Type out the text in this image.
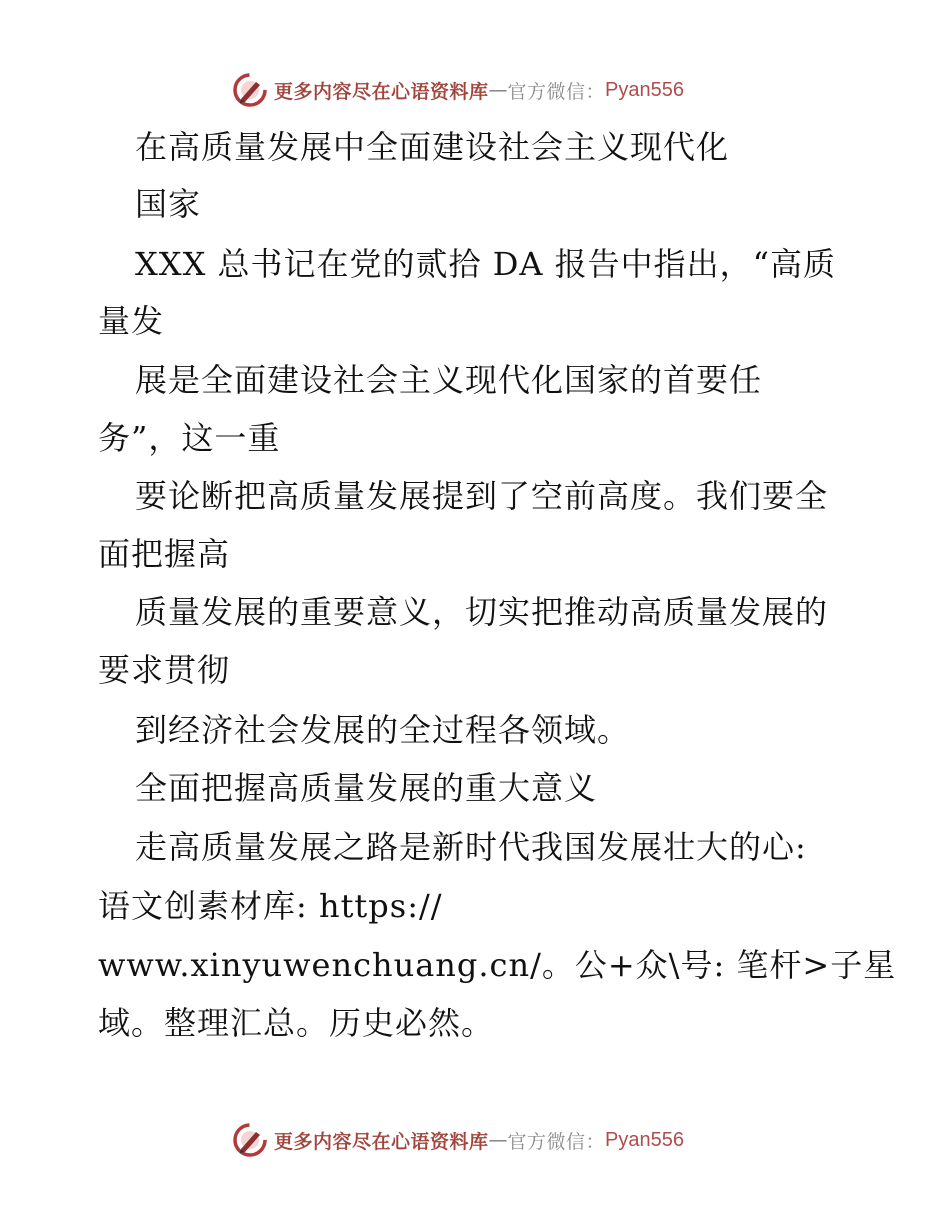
更多内容尽在心语资料库 — 官方微信： Pyan556
在高质量发展中全面建设社会主义现代化
国家
XXX 总书记在党的贰拾 DA 报告中指出，“高质
量发
展是全面建设社会主义现代化国家的首要任
务”，这一重
要论断把高质量发展提到了空前高度。我们要全
面把握高
质量发展的重要意义，切实把推动高质量发展的
要求贯彻
到经济社会发展的全过程各领域。
全面把握高质量发展的重大意义
走高质量发展之路是新时代我国发展壮大的心:
语文创素材库: https://
www.xinyuwenchuang.cn/。公+众\号: 笔杆>子星
域。整理汇总。历史必然。
更多内容尽在心语资料库 — 官方微信： Pyan556
